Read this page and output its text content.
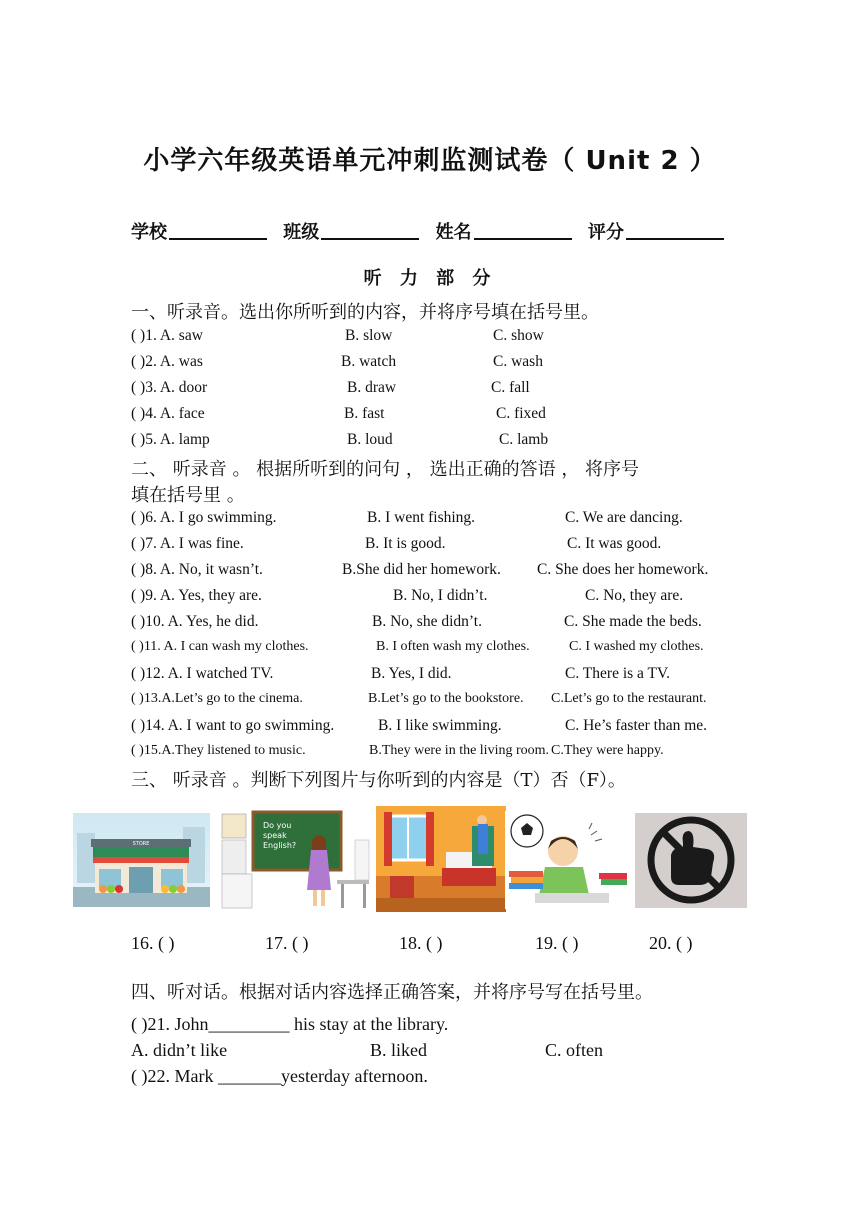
小学六年级英语单元冲刺监测试卷（ Unit 2 ）
学校	班级	姓名	评分
听 力 部 分
一、听录音。选出你所听到的内容，并将序号填在括号里。
( )1. A. saw	B. slow	C. show
( )2. A. was	B. watch	C. wash
( )3. A. door	B. draw	C. fall
( )4. A. face	B. fast	C. fixed
( )5. A. lamp	B. loud	C. lamb
二、 听录音 。 根据所听到的问句 ， 选出正确的答语 ， 将序号
填在括号里 。
( )6. A. I go swimming.	B. I went fishing.	C. We are dancing.
( )7. A. I was fine.	B. It is good.	C. It was good.
( )8. A. No, it wasn’t.	B.She did her homework. C. She does her homework.
( )9. A. Yes, they are.	B. No, I didn’t.	C. No, they are.
( )10. A. Yes, he did.	B. No, she didn’t.	C. She made the beds.
( )11. A. I can wash my clothes.	B. I often wash my clothes.	C. I washed my clothes.
( )12. A. I watched TV.	B. Yes, I did.	C. There is a TV.
( )13.A.Let’s go to the cinema.	B.Let’s go to the bookstore. C.Let’s go to the restaurant.
( )14. A. I want to go swimming.	B. I like swimming.	C. He’s faster than me.
( )15.A.They listened to music.	B.They were in the living room. C.They were happy.
三、 听录音 。判断下列图片与你听到的内容是（T）否（F）。
STORE
Do you
speak
English?
16. ( )	17. ( )	18. ( )	19. ( )	20. ( )
四、听对话。根据对话内容选择正确答案，并将序号写在括号里。
( )21. John_________ his stay at the library.
A. didn’t like	B. liked	C. often
( )22. Mark _______yesterday afternoon.
